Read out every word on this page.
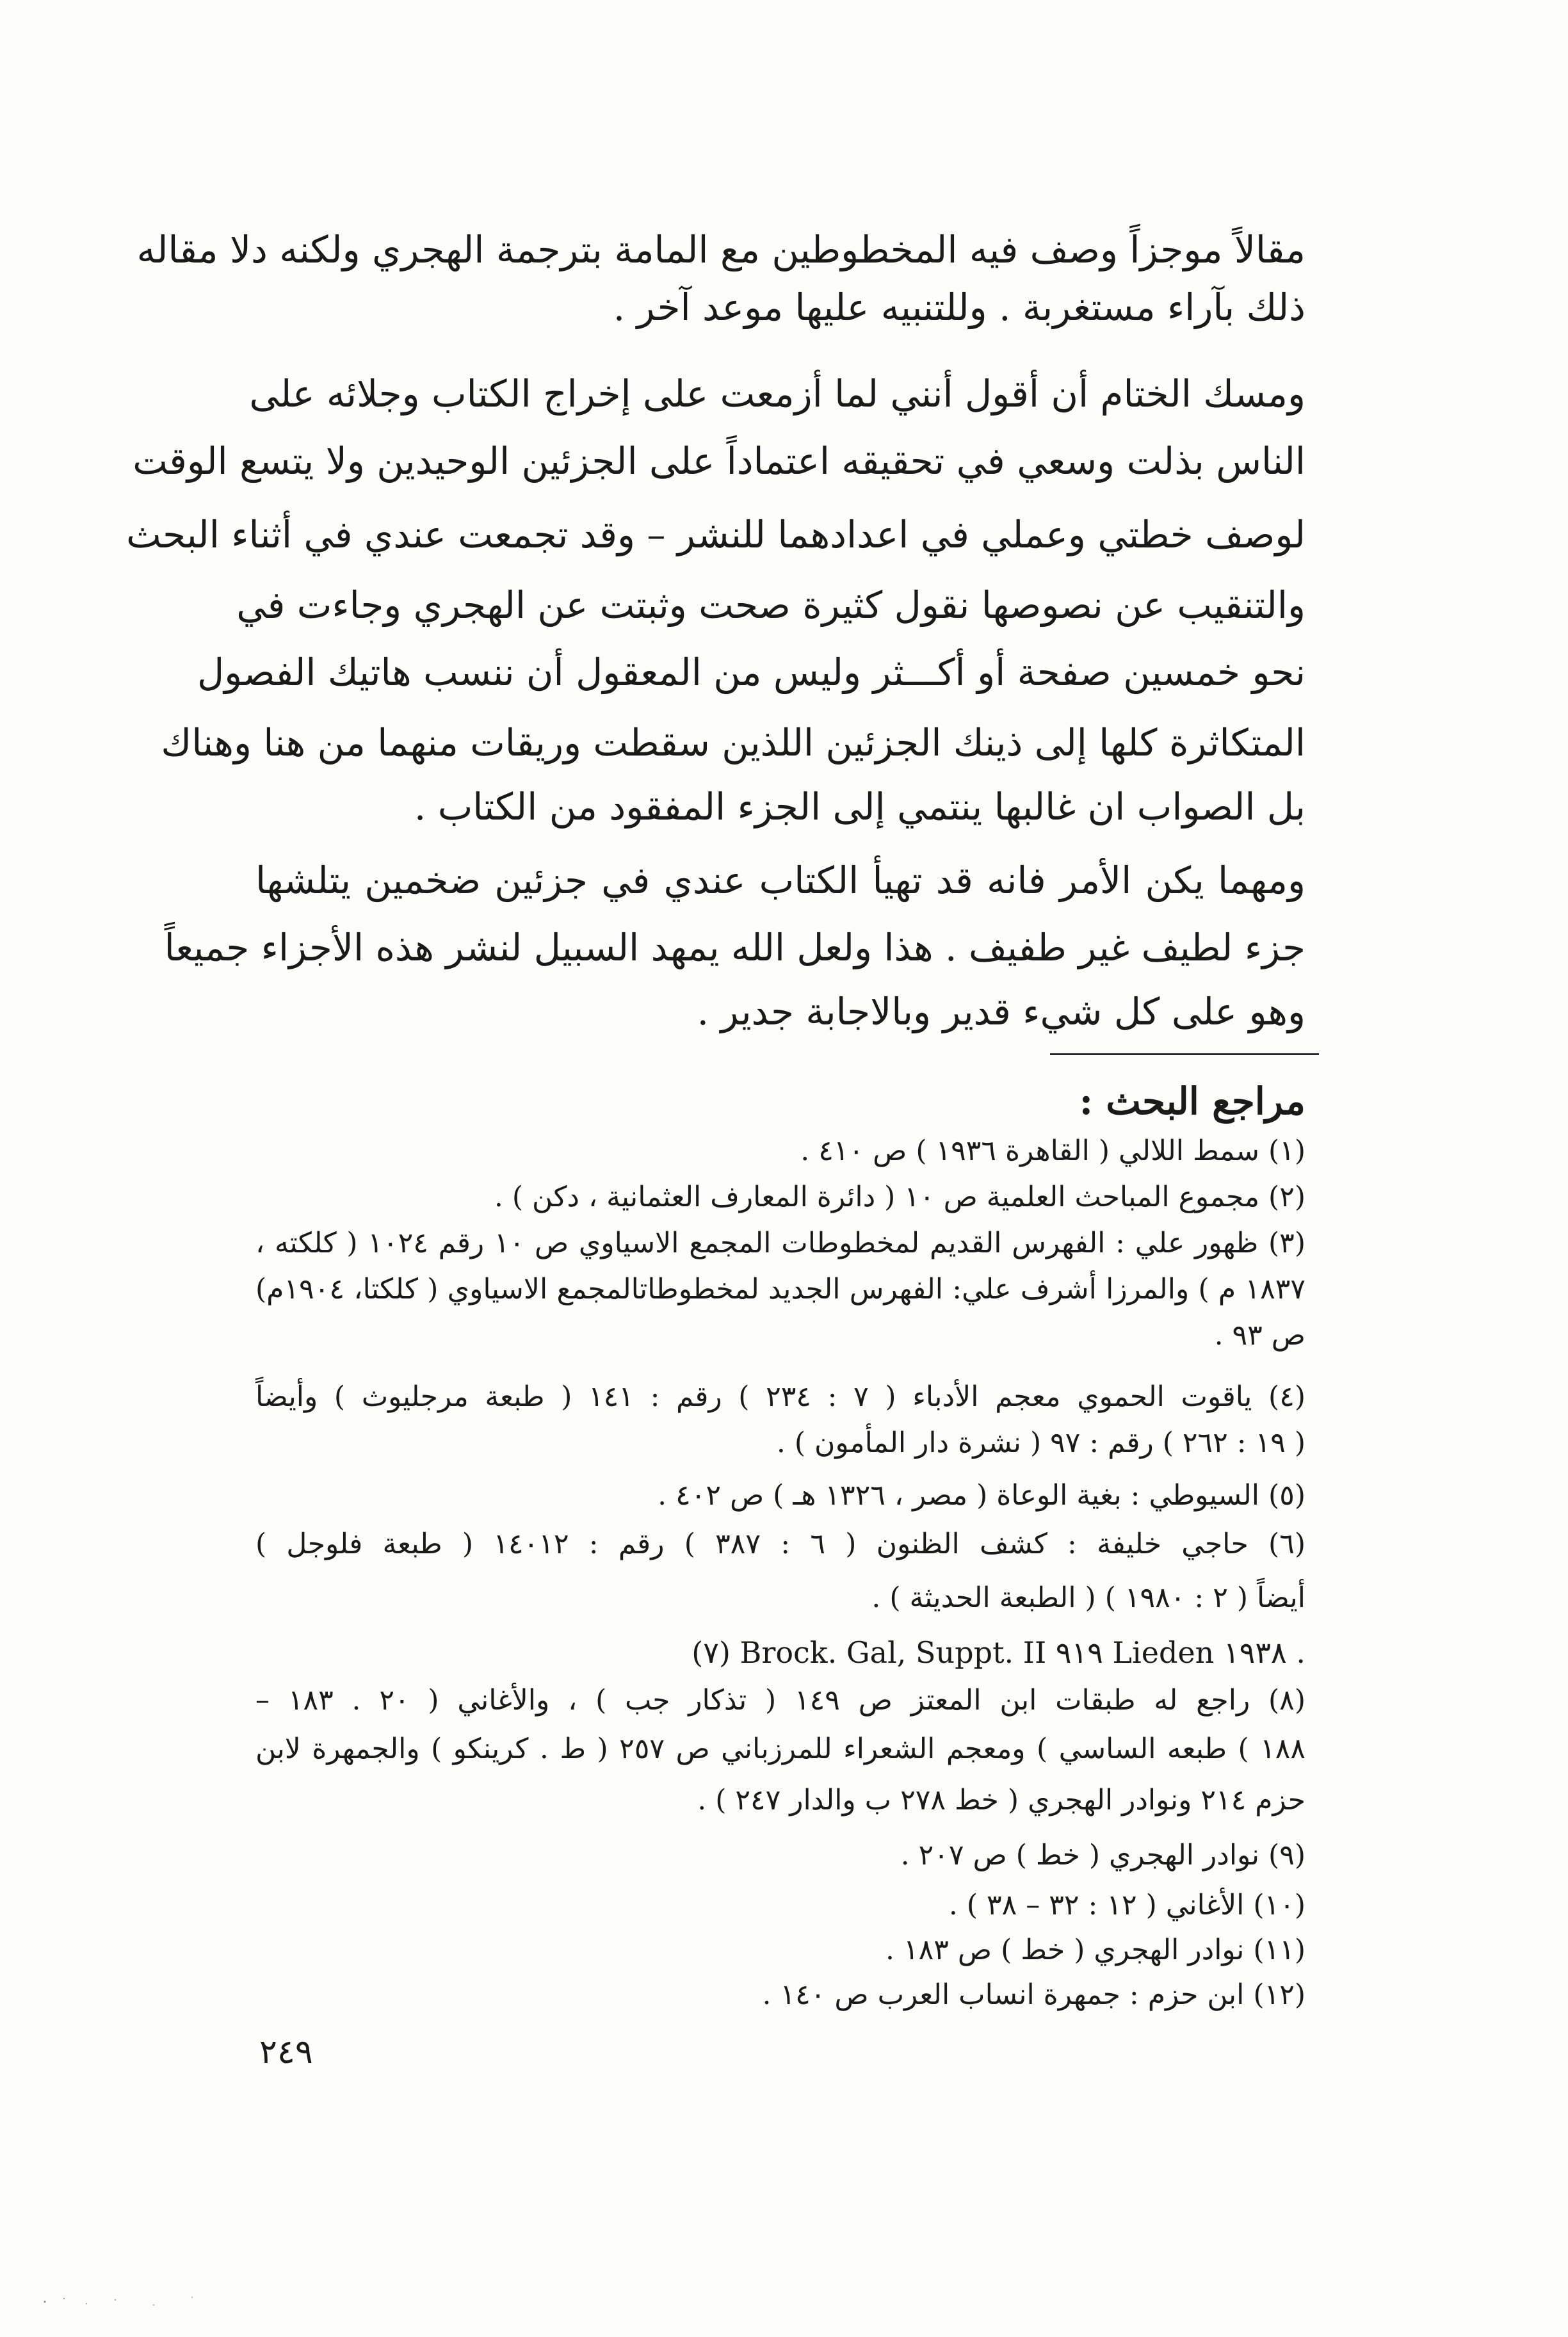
مقالاً موجزاً وصف فيه المخطوطين مع المامة بترجمة الهجري ولكنه دلا مقاله
ذلك بآراء مستغربة . وللتنبيه عليها موعد آخر .
ومسك الختام أن أقول أنني لما أزمعت على إخراج الكتاب وجلائه على
الناس بذلت وسعي في تحقيقه اعتماداً على الجزئين الوحيدين ولا يتسع الوقت
لوصف خطتي وعملي في اعدادهما للنشر – وقد تجمعت عندي في أثناء البحث
والتنقيب عن نصوصها نقول كثيرة صحت وثبتت عن الهجري وجاءت في
نحو خمسين صفحة أو أكـــثر وليس من المعقول أن ننسب هاتيك الفصول
المتكاثرة كلها إلى ذينك الجزئين اللذين سقطت وريقات منهما من هنا وهناك
بل الصواب ان غالبها ينتمي إلى الجزء المفقود من الكتاب .
ومهما يكن الأمر فانه قد تهيأ الكتاب عندي في جزئين ضخمين يتلشها
جزء لطيف غير طفيف . هذا ولعل الله يمهد السبيل لنشر هذه الأجزاء جميعاً
وهو على كل شيء قدير وبالاجابة جدير .
مراجع البحث :
(١) سمط اللالي ( القاهرة ١٩٣٦ ) ص ٤١٠ .
(٢) مجموع المباحث العلمية ص ١٠ ( دائرة المعارف العثمانية ، دكن ) .
(٣) ظهور علي : الفهرس القديم لمخطوطات المجمع الاسياوي ص ١٠ رقم ١٠٢٤ ( كلكته ،
١٨٣٧ م ) والمرزا أشرف علي: الفهرس الجديد لمخطوطاتالمجمع الاسياوي ( كلكتا، ١٩٠٤م)
ص ٩٣ .
(٤) ياقوت الحموي معجم الأدباء ( ٧ : ٢٣٤ ) رقم : ١٤١ ( طبعة مرجليوث ) وأيضاً
( ١٩ : ٢٦٢ ) رقم : ٩٧ ( نشرة دار المأمون ) .
(٥) السيوطي : بغية الوعاة ( مصر ، ١٣٢٦ هـ ) ص ٤٠٢ .
(٦) حاجي خليفة : كشف الظنون ( ٦ : ٣٨٧ ) رقم : ١٤٠١٢ ( طبعة فلوجل )
أيضاً ( ٢ : ١٩٨٠ ) ( الطبعة الحديثة ) .
(٧) Brock. Gal, Suppt. II ٩١٩ Lieden ١٩٣٨ .
(٨) راجع له طبقات ابن المعتز ص ١٤٩ ( تذكار جب ) ، والأغاني ( ٢٠ . ١٨٣ –
١٨٨ ) طبعه الساسي ) ومعجم الشعراء للمرزباني ص ٢٥٧ ( ط . كرينكو ) والجمهرة لابن
حزم ٢١٤ ونوادر الهجري ( خط ٢٧٨ ب والدار ٢٤٧ ) .
(٩) نوادر الهجري ( خط ) ص ٢٠٧ .
(١٠) الأغاني ( ١٢ : ٣٢ – ٣٨ ) .
(١١) نوادر الهجري ( خط ) ص ١٨٣ .
(١٢) ابن حزم : جمهرة انساب العرب ص ١٤٠ .
٢٤٩
